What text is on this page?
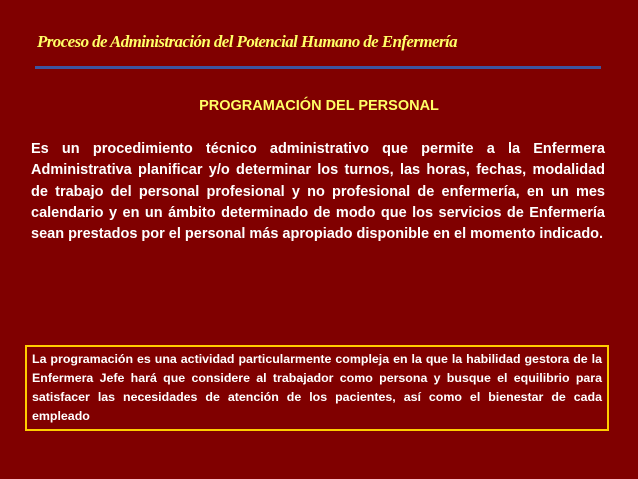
Proceso de Administración del Potencial Humano de Enfermería
PROGRAMACIÓN DEL PERSONAL

Es un procedimiento técnico administrativo que permite a la Enfermera Administrativa planificar y/o determinar los turnos, las horas, fechas, modalidad de trabajo del personal profesional y no profesional de enfermería, en un mes calendario y en un ámbito determinado de modo que los servicios de Enfermería sean prestados por el personal más apropiado disponible en el momento indicado.

La programación es una actividad particularmente compleja en la que la habilidad gestora de la Enfermera Jefe hará que considere al trabajador como persona y busque el equilibrio para satisfacer las necesidades de atención de los pacientes, así como el bienestar de cada empleado
